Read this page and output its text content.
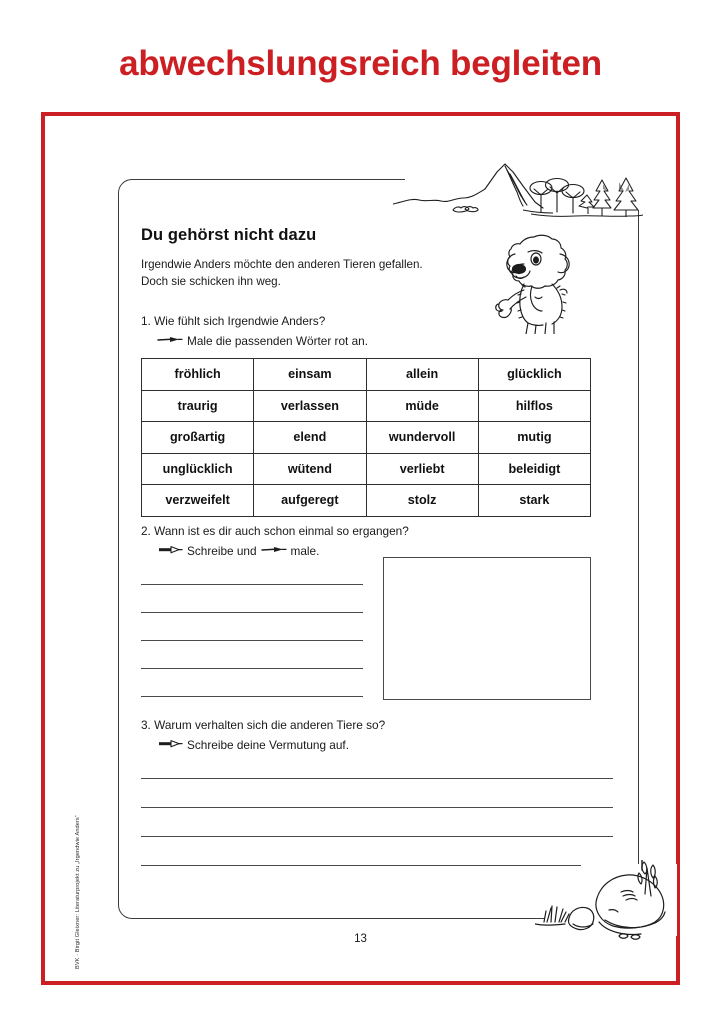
abwechslungsreich begleiten
Du gehörst nicht dazu
Irgendwie Anders möchte den anderen Tieren gefallen.
Doch sie schicken ihn weg.
1. Wie fühlt sich Irgendwie Anders?
Male die passenden Wörter rot an.
fröhlich	einsam	allein	glücklich
traurig	verlassen	müde	hilflos
großartig	elend	wundervoll	mutig
unglücklich	wütend	verliebt	beleidigt
verzweifelt	aufgeregt	stolz	stark
2. Wann ist es dir auch schon einmal so ergangen?
Schreibe und	male.
3. Warum verhalten sich die anderen Tiere so?
Schreibe deine Vermutung auf.
13
BVK · Birgit Gleixner: Literaturprojekt zu „Irgendwie Anders“
